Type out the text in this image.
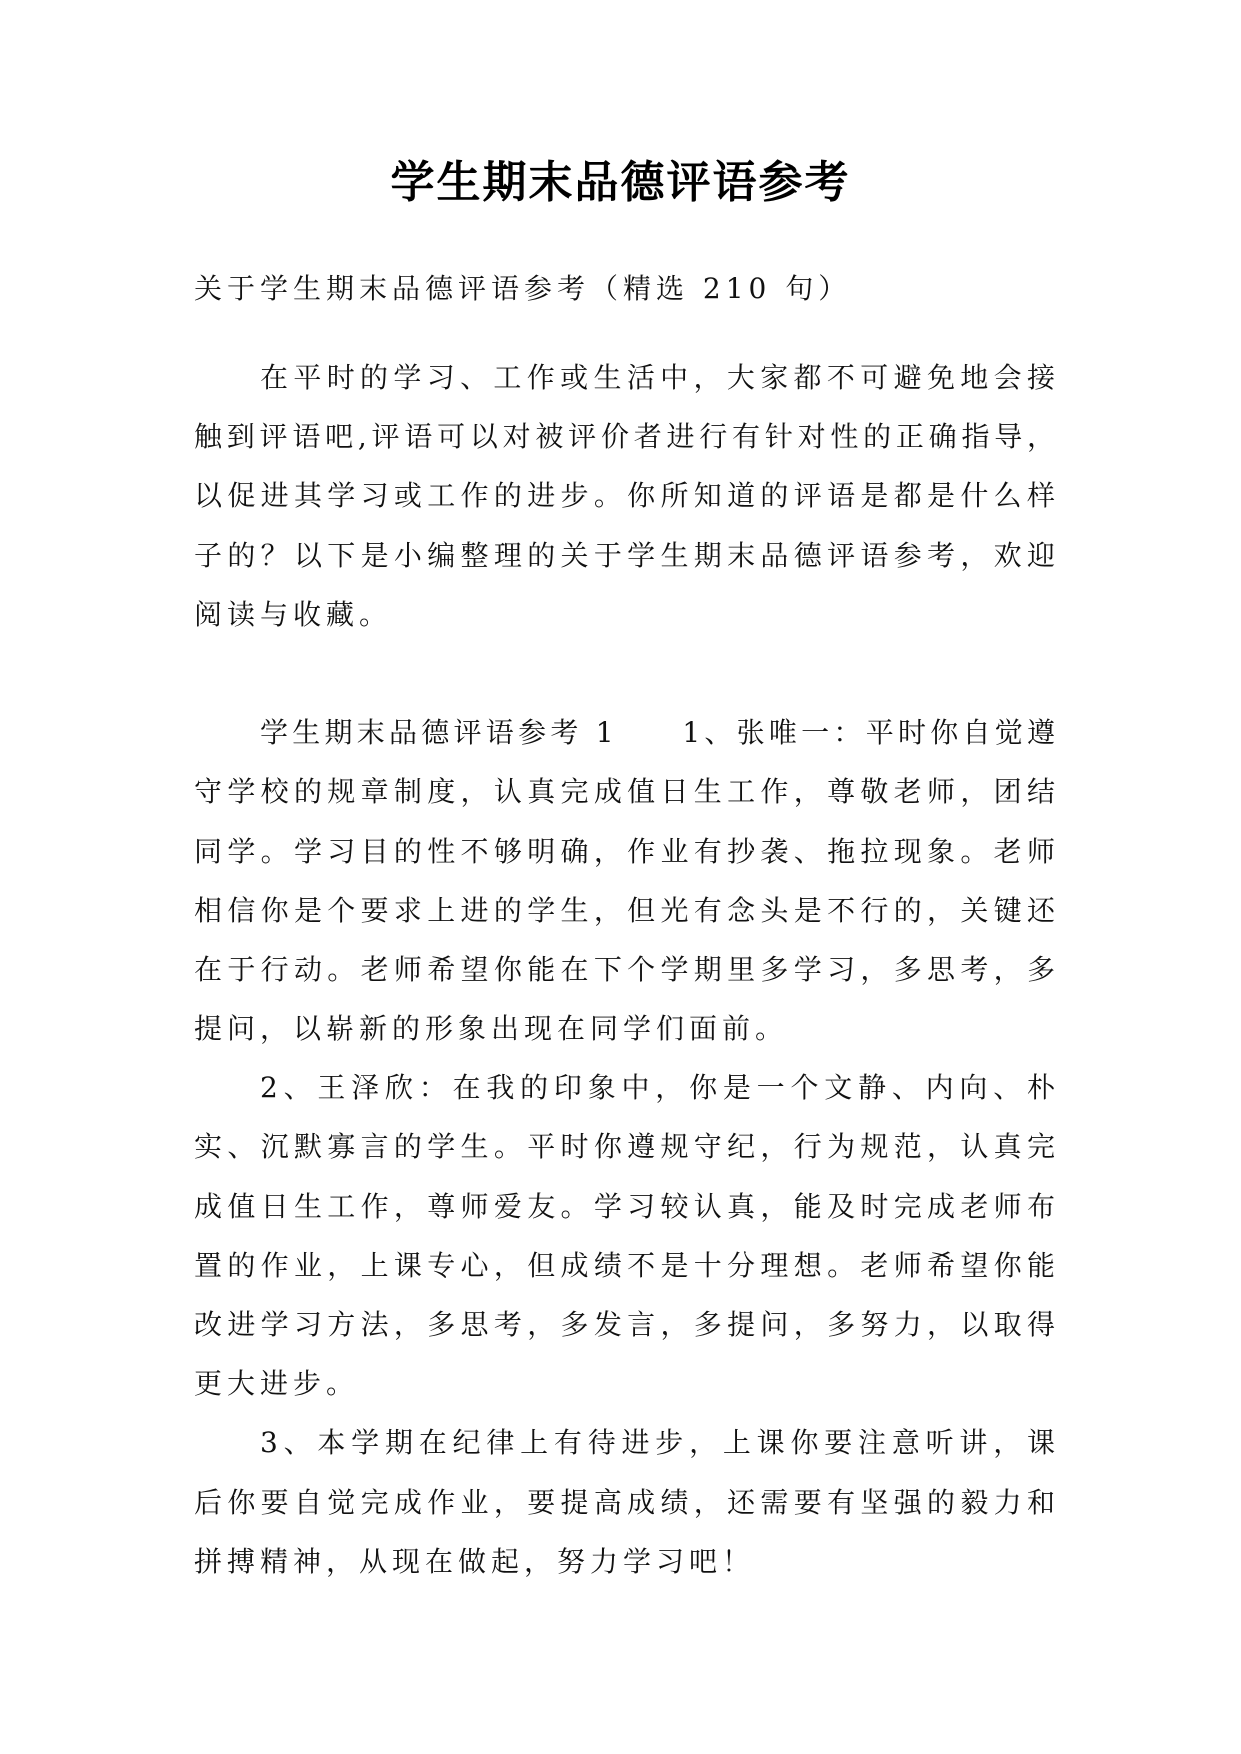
学生期末品德评语参考
关于学生期末品德评语参考（精选 210 句）
在平时的学习、工作或生活中，大家都不可避免地会接
触到评语吧,评语可以对被评价者进行有针对性的正确指导，
以促进其学习或工作的进步。你所知道的评语是都是什么样
子的？以下是小编整理的关于学生期末品德评语参考，欢迎
阅读与收藏。
学生期末品德评语参考 1　　1、张唯一：平时你自觉遵
守学校的规章制度，认真完成值日生工作，尊敬老师，团结
同学。学习目的性不够明确，作业有抄袭、拖拉现象。老师
相信你是个要求上进的学生，但光有念头是不行的，关键还
在于行动。老师希望你能在下个学期里多学习，多思考，多
提问，以崭新的形象出现在同学们面前。
2、王泽欣：在我的印象中，你是一个文静、内向、朴
实、沉默寡言的学生。平时你遵规守纪，行为规范，认真完
成值日生工作，尊师爱友。学习较认真，能及时完成老师布
置的作业，上课专心，但成绩不是十分理想。老师希望你能
改进学习方法，多思考，多发言，多提问，多努力，以取得
更大进步。
3、本学期在纪律上有待进步，上课你要注意听讲，课
后你要自觉完成作业，要提高成绩，还需要有坚强的毅力和
拼搏精神，从现在做起，努力学习吧！
